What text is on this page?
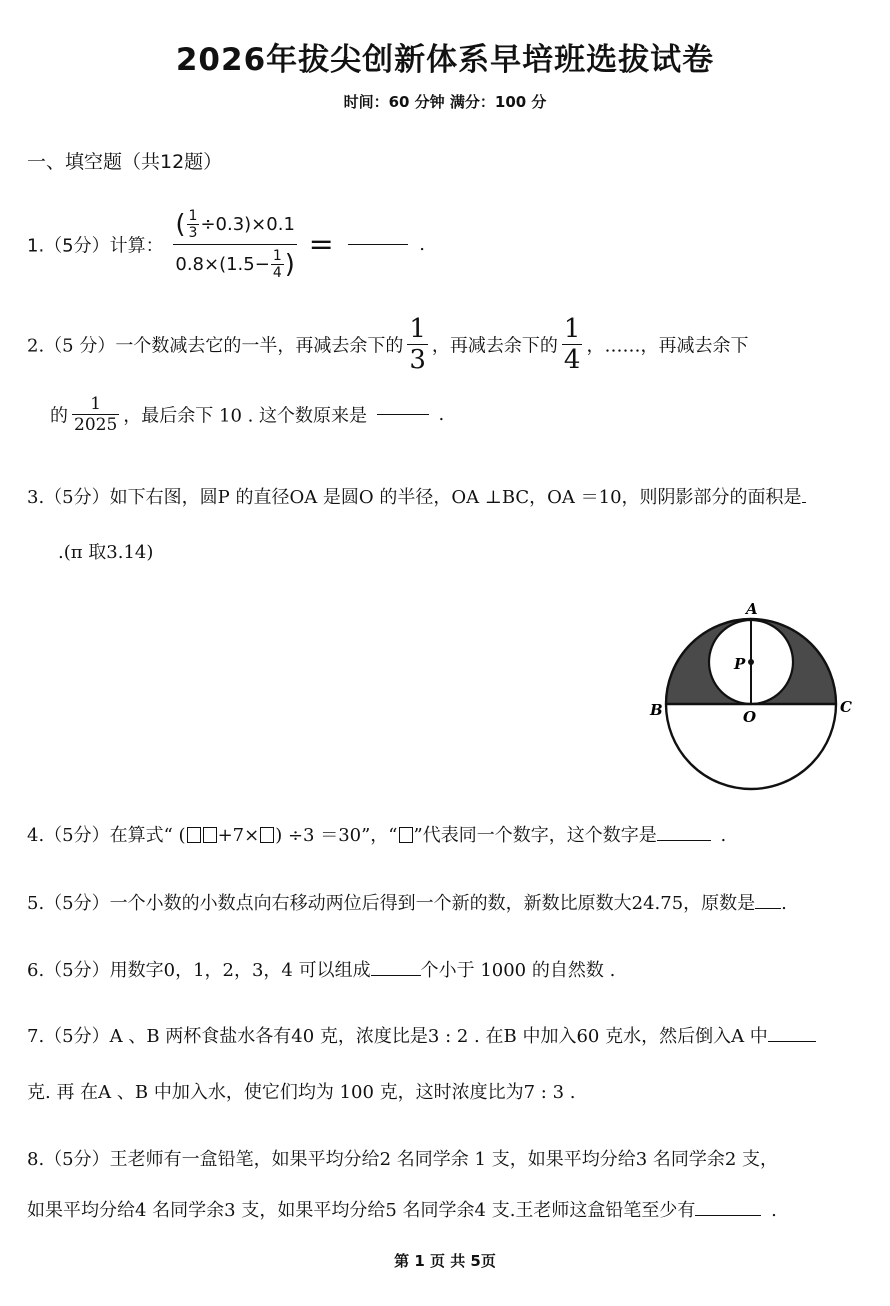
2026年拔尖创新体系早培班选拔试卷
时间：60 分钟 满分：100 分
一、填空题（共12题）
1.（5分）计算： $\frac{( \frac{1}{3} \div 0.3)\times 0.1}{0.8\times(1.5- \frac{1}{4} )}$ =	.
2.（5 分）一个数减去它的一半，再减去余下的 $\frac{1}{3}$ ，再减去余下的 $\frac{1}{4}$ ，……，再减去余下
的 $\frac{1}{2025}$ ，最后余下 10 . 这个数原来是	.
3.（5分）如下右图，圆P 的直径OA 是圆O 的半径，OA ⊥BC，OA ＝10，则阴影部分的面积是
.(π 取3.14)
A
P
B	O
C
4.（5分）在算式“ ( +7× ) ÷3 ＝30”，“ ”代表同一个数字，这个数字是	.
5.（5分）一个小数的小数点向右移动两位后得到一个新的数，新数比原数大24.75，原数是 .
6.（5分）用数字0，1，2，3，4 可以组成	个小于 1000 的自然数 .
7.（5分）A 、B 两杯食盐水各有40 克，浓度比是3 : 2 . 在B 中加入60 克水，然后倒入A 中
克. 再 在A 、B 中加入水，使它们均为 100 克，这时浓度比为7 : 3 .
8.（5分）王老师有一盒铅笔，如果平均分给2 名同学余 1 支，如果平均分给3 名同学余2 支，
如果平均分给4 名同学余3 支，如果平均分给5 名同学余4 支.王老师这盒铅笔至少有	.
第 1 页 共 5页
